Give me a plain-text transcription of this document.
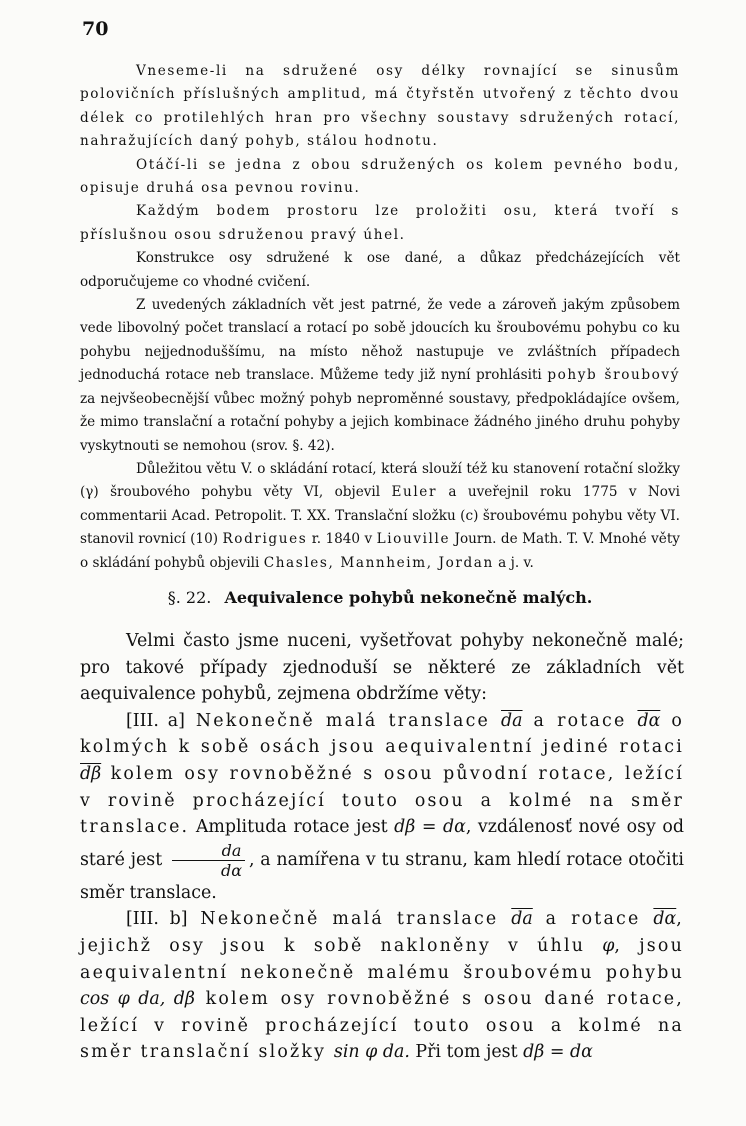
70

Vneseme-li na sdružené osy délky rovnající se sinusům polovičních příslušných amplitud, má čtyřstěn utvořený z těchto dvou délek co protilehlých hran pro všechny soustavy sdružených rotací, nahražujících daný pohyb, stálou hodnotu.

Otáčí-li se jedna z obou sdružených os kolem pevného bodu, opisuje druhá osa pevnou rovinu.

Každým bodem prostoru lze proložiti osu, která tvoří s příslušnou osou sdruženou pravý úhel.

Konstrukce osy sdružené k ose dané, a důkaz předcházejících vět odporučujeme co vhodné cvičení.

Z uvedených základních vět jest patrné, že vede a zároveň jakým způsobem vede libovolný počet translací a rotací po sobě jdoucích ku šroubovému pohybu co ku pohybu nejjednoduššímu, na místo něhož nastupuje ve zvláštních případech jednoduchá rotace neb translace. Můžeme tedy již nyní prohlásiti pohyb šroubový za nejvšeobecnější vůbec možný pohyb neproměnné soustavy, předpokládajíce ovšem, že mimo translační a rotační pohyby a jejich kombinace žádného jiného druhu pohyby vyskytnouti se nemohou (srov. §. 42).

Důležitou větu V. o skládání rotací, která slouží též ku stanovení rotační složky (γ) šroubového pohybu věty VI, objevil Euler a uveřejnil roku 1775 v Novi commentarii Acad. Petropolit. T. XX. Translační složku (c) šroubovému pohybu věty VI. stanovil rovnicí (10) Rodrigues r. 1840 v Liouville Journ. de Math. T. V. Mnohé věty o skládání pohybů objevili Chasles, Mannheim, Jordan a j. v.

§. 22. Aequivalence pohybů nekonečně malých.

Velmi často jsme nuceni, vyšetřovat pohyby nekonečně malé; pro takové případy zjednoduší se některé ze základních vět aequivalence pohybů, zejmena obdržíme věty:

[III. a] Nekonečně malá translace $\overline{da}$ a rotace $\overline{d\alpha}$ o kolmých k sobě osách jsou aequivalentní jediné rotaci $\overline{d\beta}$ kolem osy rovnoběžné s osou původní rotace, ležící v rovině procházející touto osou a kolmé na směr translace. Amplituda rotace jest dβ = dα, vzdálenosť nové osy od staré jest $\frac{da}{d\alpha}$ , a namířena v tu stranu, kam hledí rotace otočiti směr translace.

[III. b] Nekonečně malá translace $\overline{da}$ a rotace $\overline{d\alpha}$, jejichž osy jsou k sobě nakloněny v úhlu φ, jsou aequivalentní nekonečně malému šroubovému pohybu cos φ da, dβ kolem osy rovnoběžné s osou dané rotace, ležící v rovině procházející touto osou a kolmé na směr translační složky sin φ da. Při tom jest dβ = dα
